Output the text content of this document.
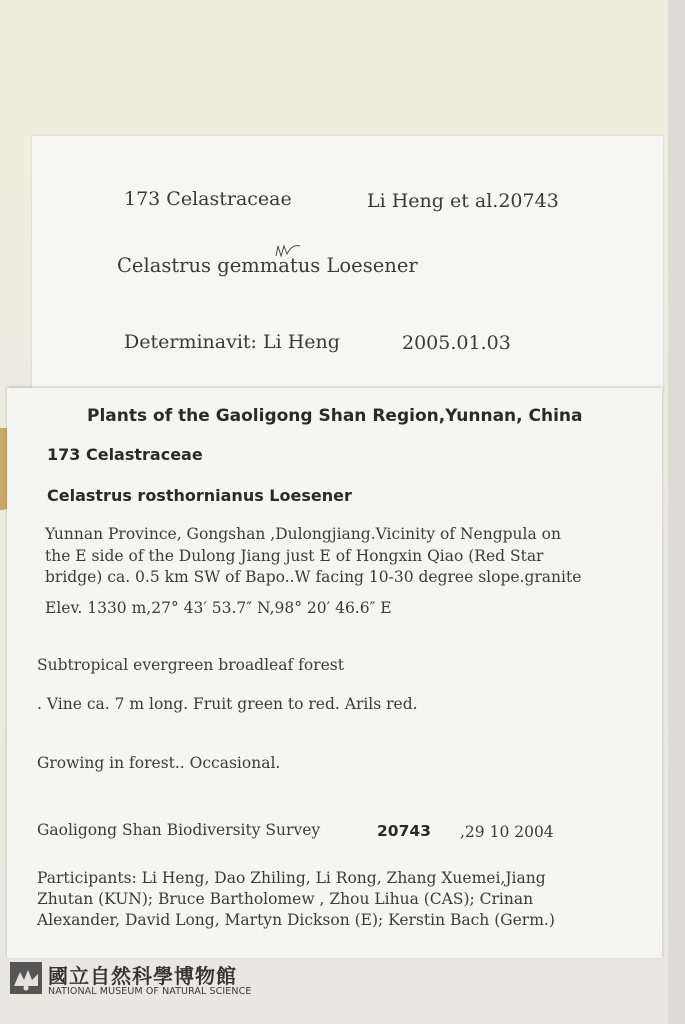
173 Celastraceae	Li Heng et al.20743
Celastrus gemmatus Loesener
Determinavit: Li Heng	2005.01.03
Plants of the Gaoligong Shan Region,Yunnan, China
173 Celastraceae
Celastrus rosthornianus Loesener
Yunnan Province, Gongshan ,Dulongjiang.Vicinity of Nengpula on
the E side of the Dulong Jiang just E of Hongxin Qiao (Red Star
bridge) ca. 0.5 km SW of Bapo..W facing 10-30 degree slope.granite
Elev. 1330 m,27° 43′ 53.7″ N,98° 20′ 46.6″ E
Subtropical evergreen broadleaf forest
. Vine ca. 7 m long. Fruit green to red. Arils red.
Growing in forest.. Occasional.
Gaoligong Shan Biodiversity Survey	20743 ,29 10 2004
Participants: Li Heng, Dao Zhiling, Li Rong, Zhang Xuemei,Jiang
Zhutan (KUN); Bruce Bartholomew , Zhou Lihua (CAS); Crinan
Alexander, David Long, Martyn Dickson (E); Kerstin Bach (Germ.)
國立自然科學博物館
NATIONAL MUSEUM OF NATURAL SCIENCE
